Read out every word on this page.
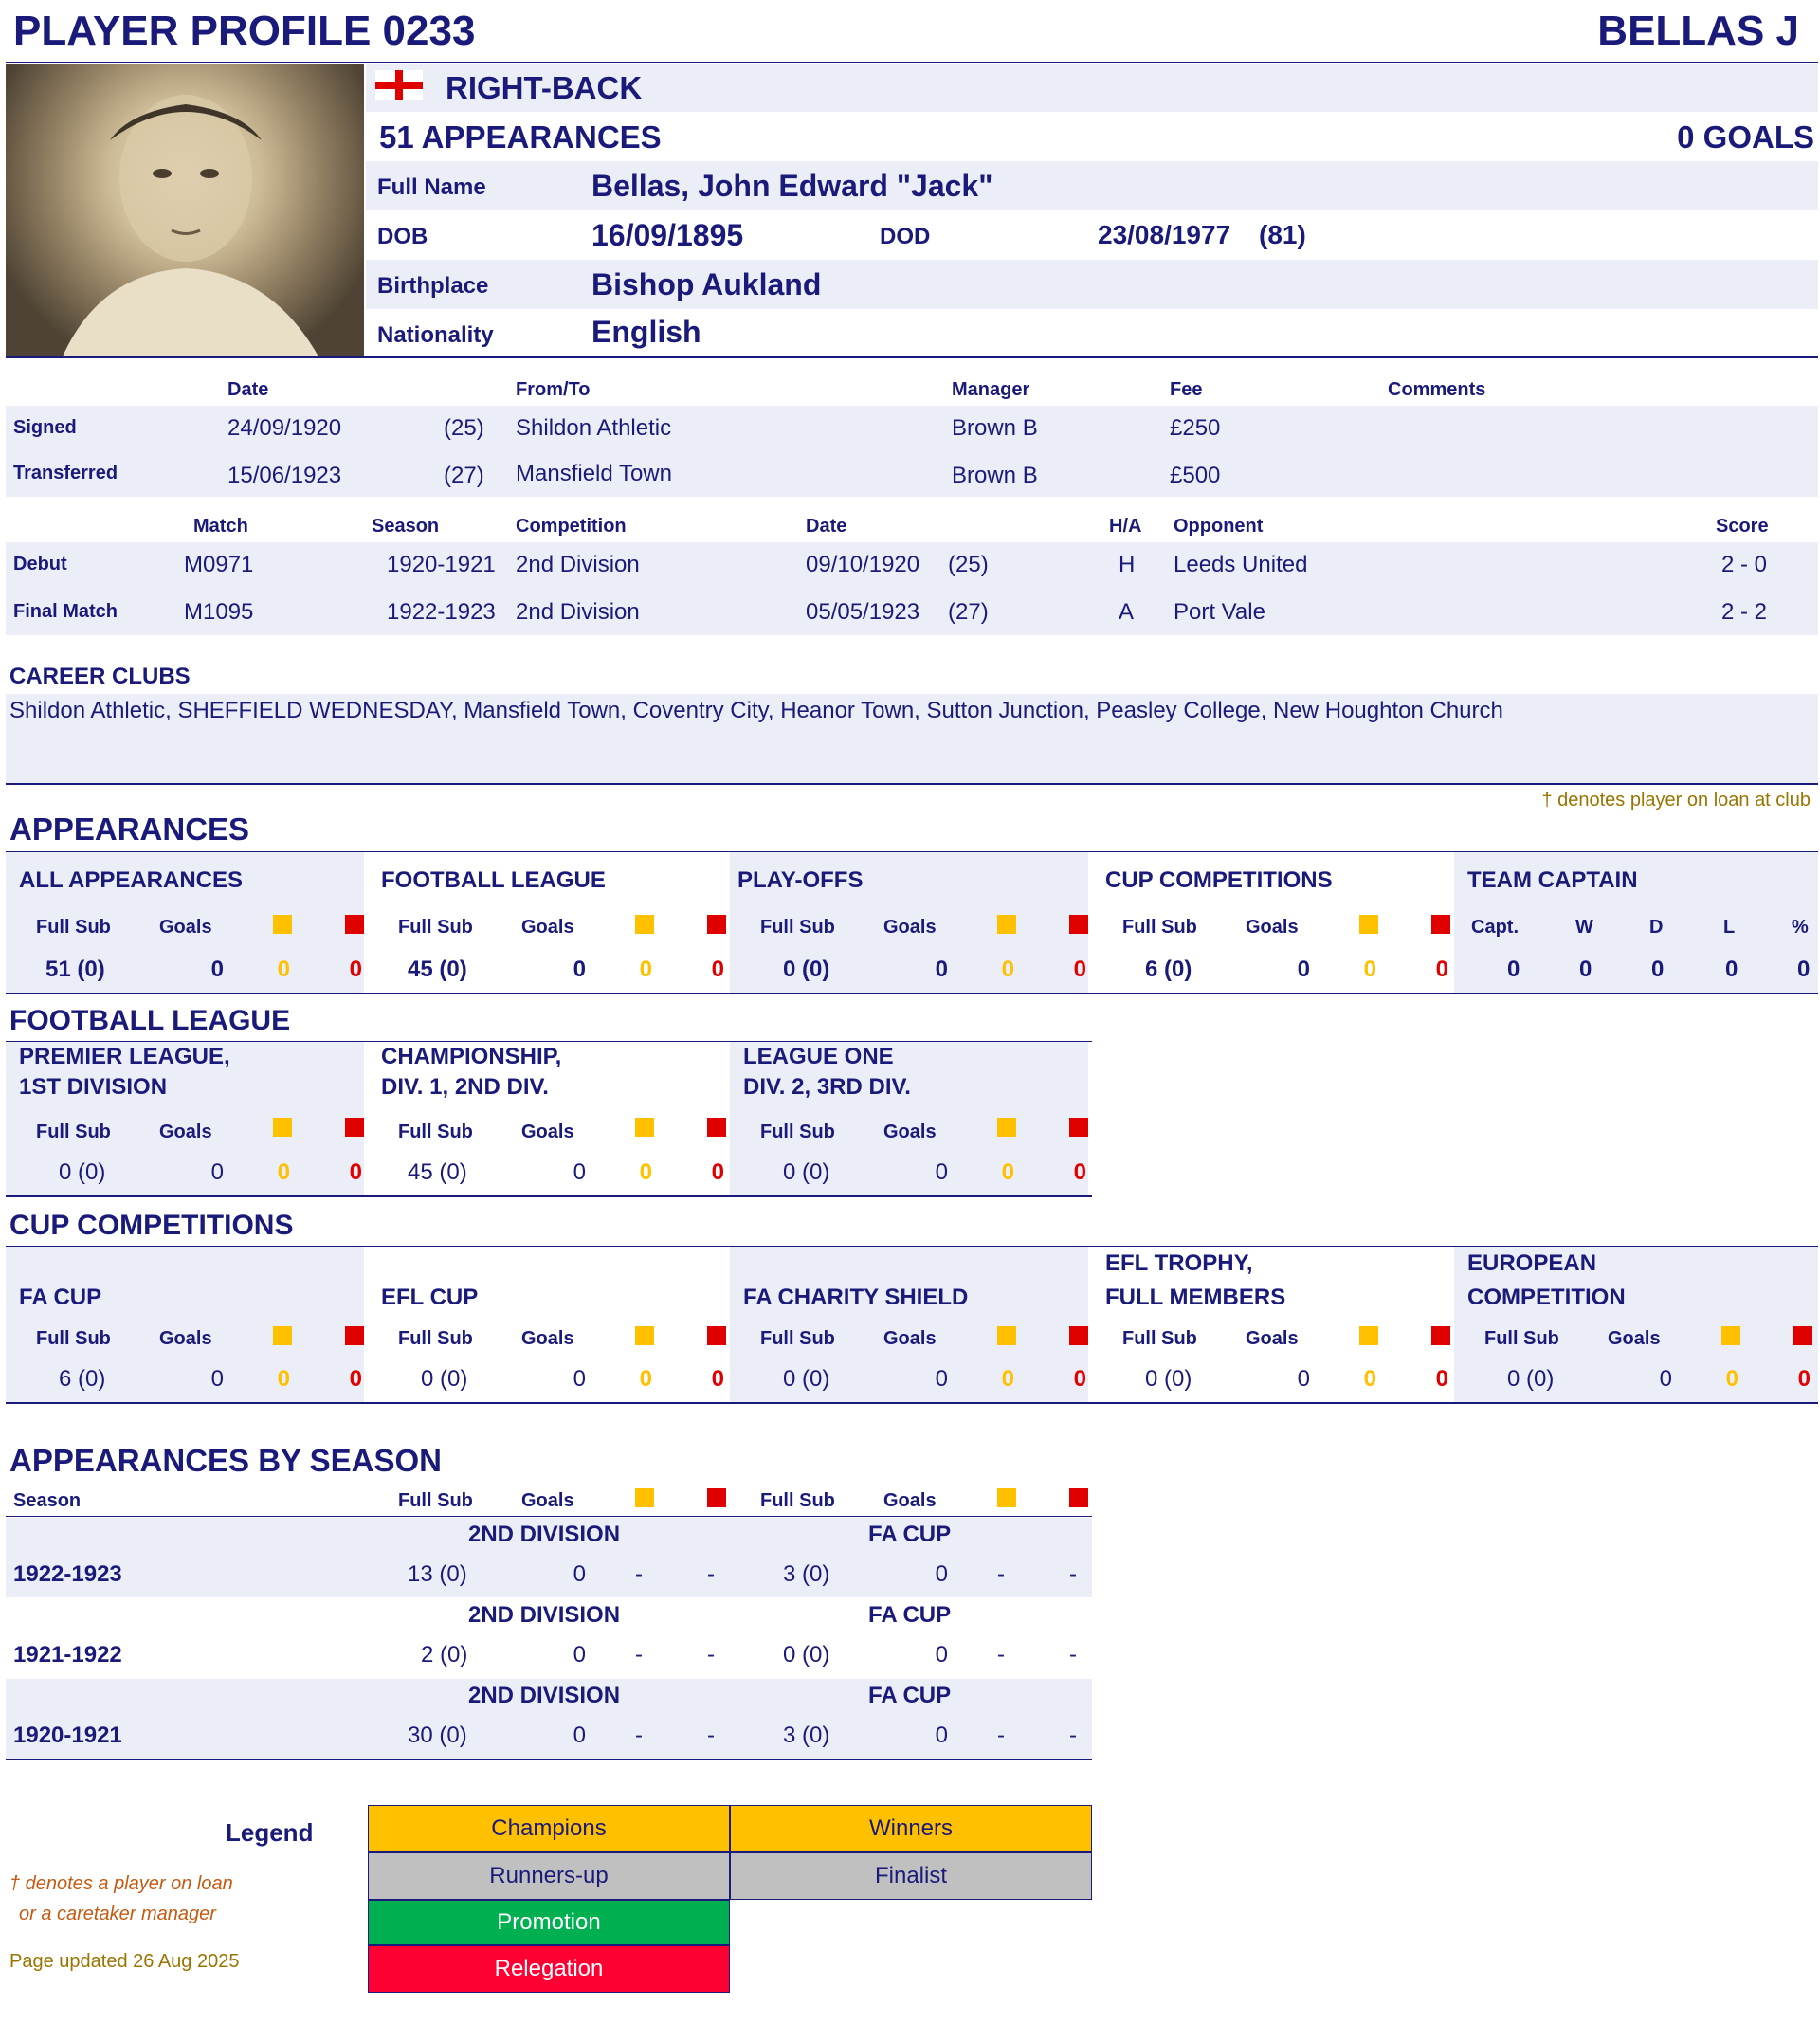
PLAYER PROFILE 0233	BELLAS J
RIGHT-BACK
51 APPEARANCES	0 GOALS
Full Name	Bellas, John Edward "Jack"
DOB	16/09/1895	DOD	23/08/1977 (81)
Birthplace	Bishop Aukland
Nationality	English
Date	From/To	Manager	Fee	Comments
Signed	24/09/1920	(25) Shildon Athletic	Brown B	£250
Transferred	15/06/1923	(27) Mansfield Town	Brown B	£500
Match	Season	Competition	Date	H/A Opponent	Score
Debut	M0971	1920-1921 2nd Division	09/10/1920 (25)	H Leeds United	2 - 0
Final Match	M1095	1922-1923 2nd Division	05/05/1923 (27)	A Port Vale	2 - 2
CAREER CLUBS
Shildon Athletic, SHEFFIELD WEDNESDAY, Mansfield Town, Coventry City, Heanor Town, Sutton Junction, Peasley College, New Houghton Church
† denotes player on loan at club
APPEARANCES
ALL APPEARANCES
Full Sub	Goals
51 (0)	0	0	0
FOOTBALL LEAGUE
Full Sub	Goals
45 (0)	0	0	0
PLAY-OFFS
Full Sub	Goals
0 (0)	0	0	0
CUP COMPETITIONS
Full Sub	Goals
6 (0)	0	0	0
TEAM CAPTAIN
Capt.	W	D	L	%
0	0	0	0	0
FOOTBALL LEAGUE
PREMIER LEAGUE,
1ST DIVISION
Full Sub	Goals
0 (0)	0	0	0
CHAMPIONSHIP,
DIV. 1, 2ND DIV.
Full Sub	Goals
45 (0)	0	0	0
LEAGUE ONE
DIV. 2, 3RD DIV.
Full Sub	Goals
0 (0)	0	0	0
CUP COMPETITIONS
FA CUP
Full Sub	Goals
6 (0)	0	0	0
EFL CUP
Full Sub	Goals
0 (0)	0	0	0
FA CHARITY SHIELD
Full Sub	Goals
0 (0)	0	0	0
EFL TROPHY,
FULL MEMBERS
Full Sub	Goals
0 (0)	0	0	0
EUROPEAN
COMPETITION
Full Sub	Goals
0 (0)	0	0	0
APPEARANCES BY SEASON
Season	Full Sub	Goals	Full Sub	Goals
2ND DIVISION	FA CUP
1922-1923	13 (0)	0 -	-	3 (0)	0 -	-
2ND DIVISION	FA CUP
1921-1922	2 (0)	0 -	-	0 (0)	0 -	-
2ND DIVISION	FA CUP
1920-1921	30 (0)	0 -	-	3 (0)	0 -	-
Legend
† denotes a player on loan
or a caretaker manager
Page updated 26 Aug 2025
Champions	Winners
Runners-up	Finalist
Promotion
Relegation
